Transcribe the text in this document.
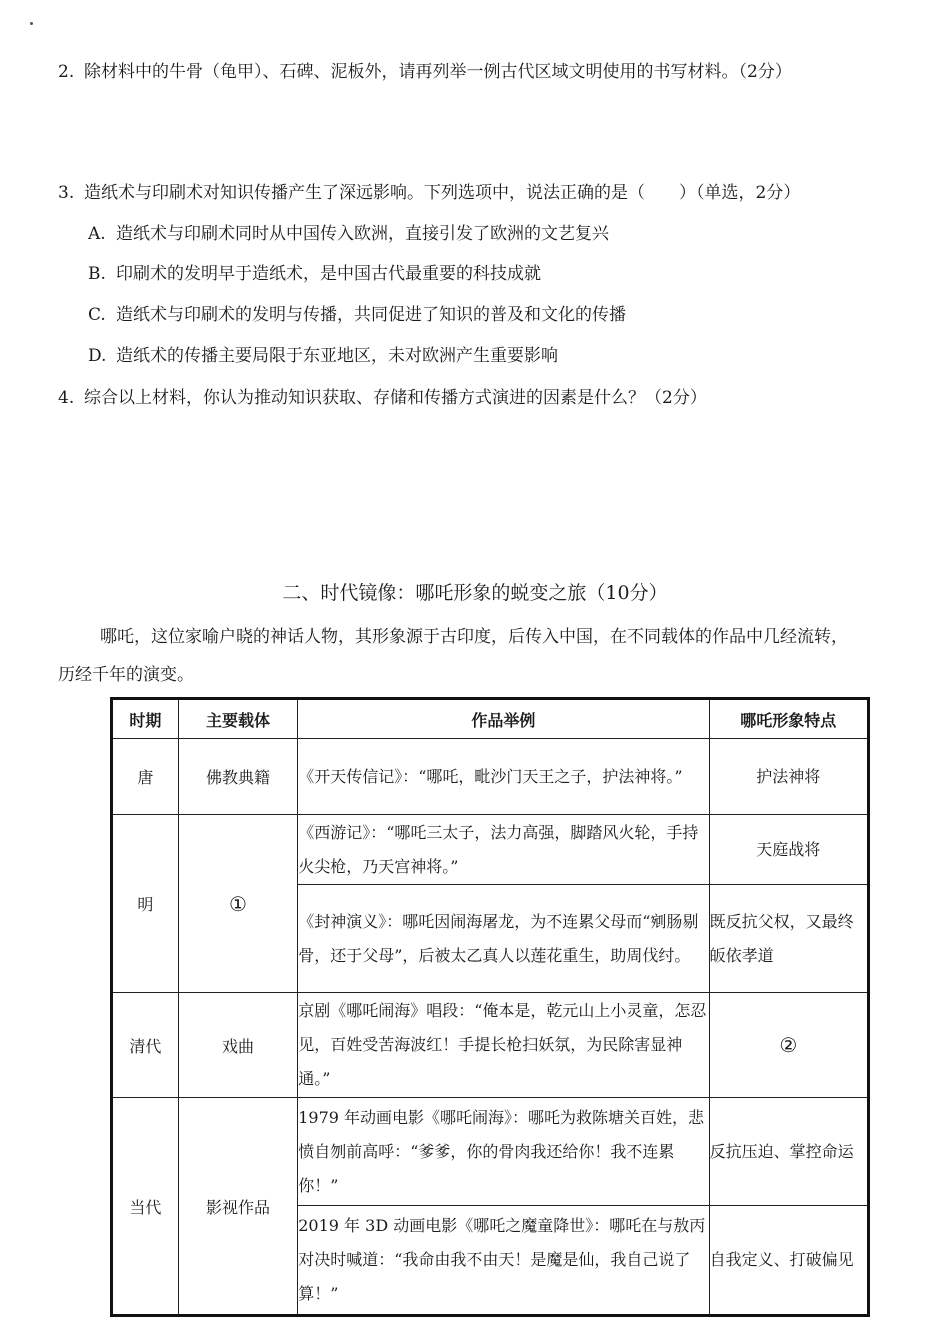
2. 除材料中的牛骨（龟甲）、石碑、泥板外，请再列举一例古代区域文明使用的书写材料。（2分）
3. 造纸术与印刷术对知识传播产生了深远影响。下列选项中，说法正确的是（　　）（单选，2分）
A. 造纸术与印刷术同时从中国传入欧洲，直接引发了欧洲的文艺复兴
B. 印刷术的发明早于造纸术，是中国古代最重要的科技成就
C. 造纸术与印刷术的发明与传播，共同促进了知识的普及和文化的传播
D. 造纸术的传播主要局限于东亚地区，未对欧洲产生重要影响
4. 综合以上材料，你认为推动知识获取、存储和传播方式演进的因素是什么？（2分）
二、时代镜像：哪吒形象的蜕变之旅（10分）
哪吒，这位家喻户晓的神话人物，其形象源于古印度，后传入中国，在不同载体的作品中几经流转，
历经千年的演变。
时期	主要载体	作品举例	哪吒形象特点
唐	佛教典籍	《开天传信记》：“哪吒，毗沙门天王之子，护法神将。”	护法神将
明	①	《西游记》：“哪吒三太子，法力高强，脚踏风火轮，手持火尖枪，乃天宫神将。”	天庭战将
		《封神演义》：哪吒因闹海屠龙，为不连累父母而“剜肠剔骨，还于父母”，后被太乙真人以莲花重生，助周伐纣。	既反抗父权，又最终皈依孝道
清代	戏曲	京剧《哪吒闹海》唱段：“俺本是，乾元山上小灵童，怎忍见，百姓受苦海波红！手提长枪扫妖氛，为民除害显神通。”	②
当代	影视作品	1979 年动画电影《哪吒闹海》：哪吒为救陈塘关百姓，悲愤自刎前高呼：“爹爹，你的骨肉我还给你！我不连累你！”	反抗压迫、掌控命运
		2019 年 3D 动画电影《哪吒之魔童降世》：哪吒在与敖丙对决时喊道：“我命由我不由天！是魔是仙，我自己说了算！”	自我定义、打破偏见
